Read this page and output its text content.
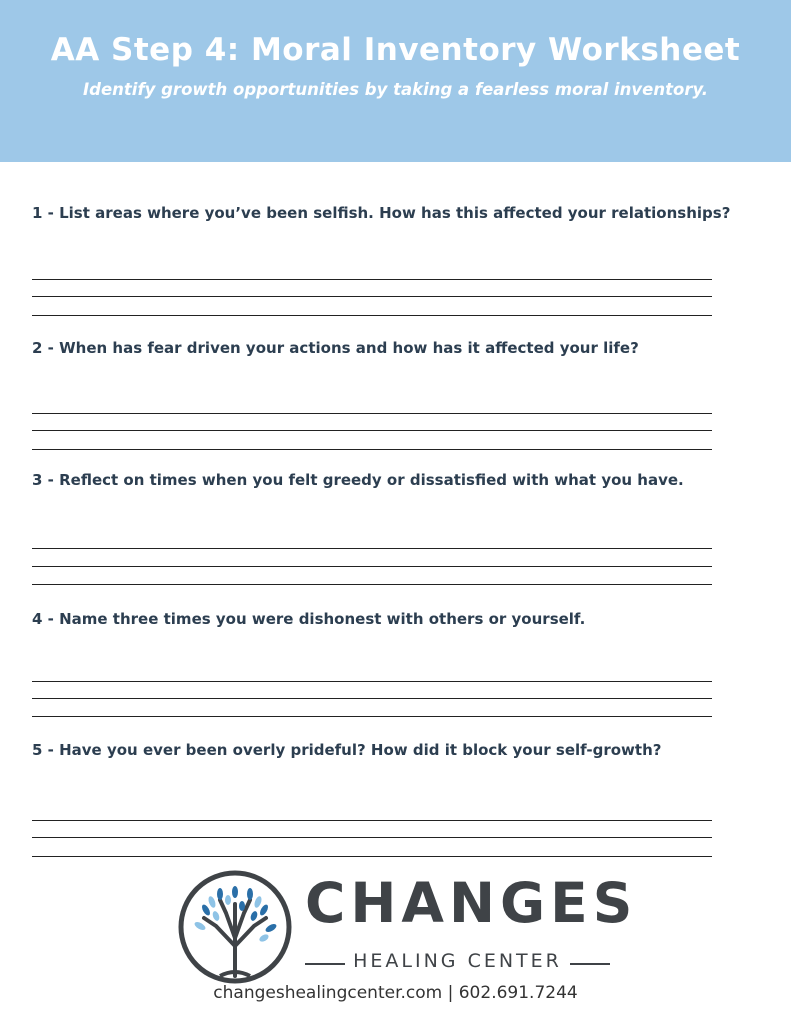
AA Step 4: Moral Inventory Worksheet
Identify growth opportunities by taking a fearless moral inventory.
1 - List areas where you’ve been selfish. How has this affected your relationships?
2 - When has fear driven your actions and how has it affected your life?
3 - Reflect on times when you felt greedy or dissatisfied with what you have.
4 - Name three times you were dishonest with others or yourself.
5 - Have you ever been overly prideful? How did it block your self-growth?
CHANGES
HEALING CENTER
changeshealingcenter.com | 602.691.7244
